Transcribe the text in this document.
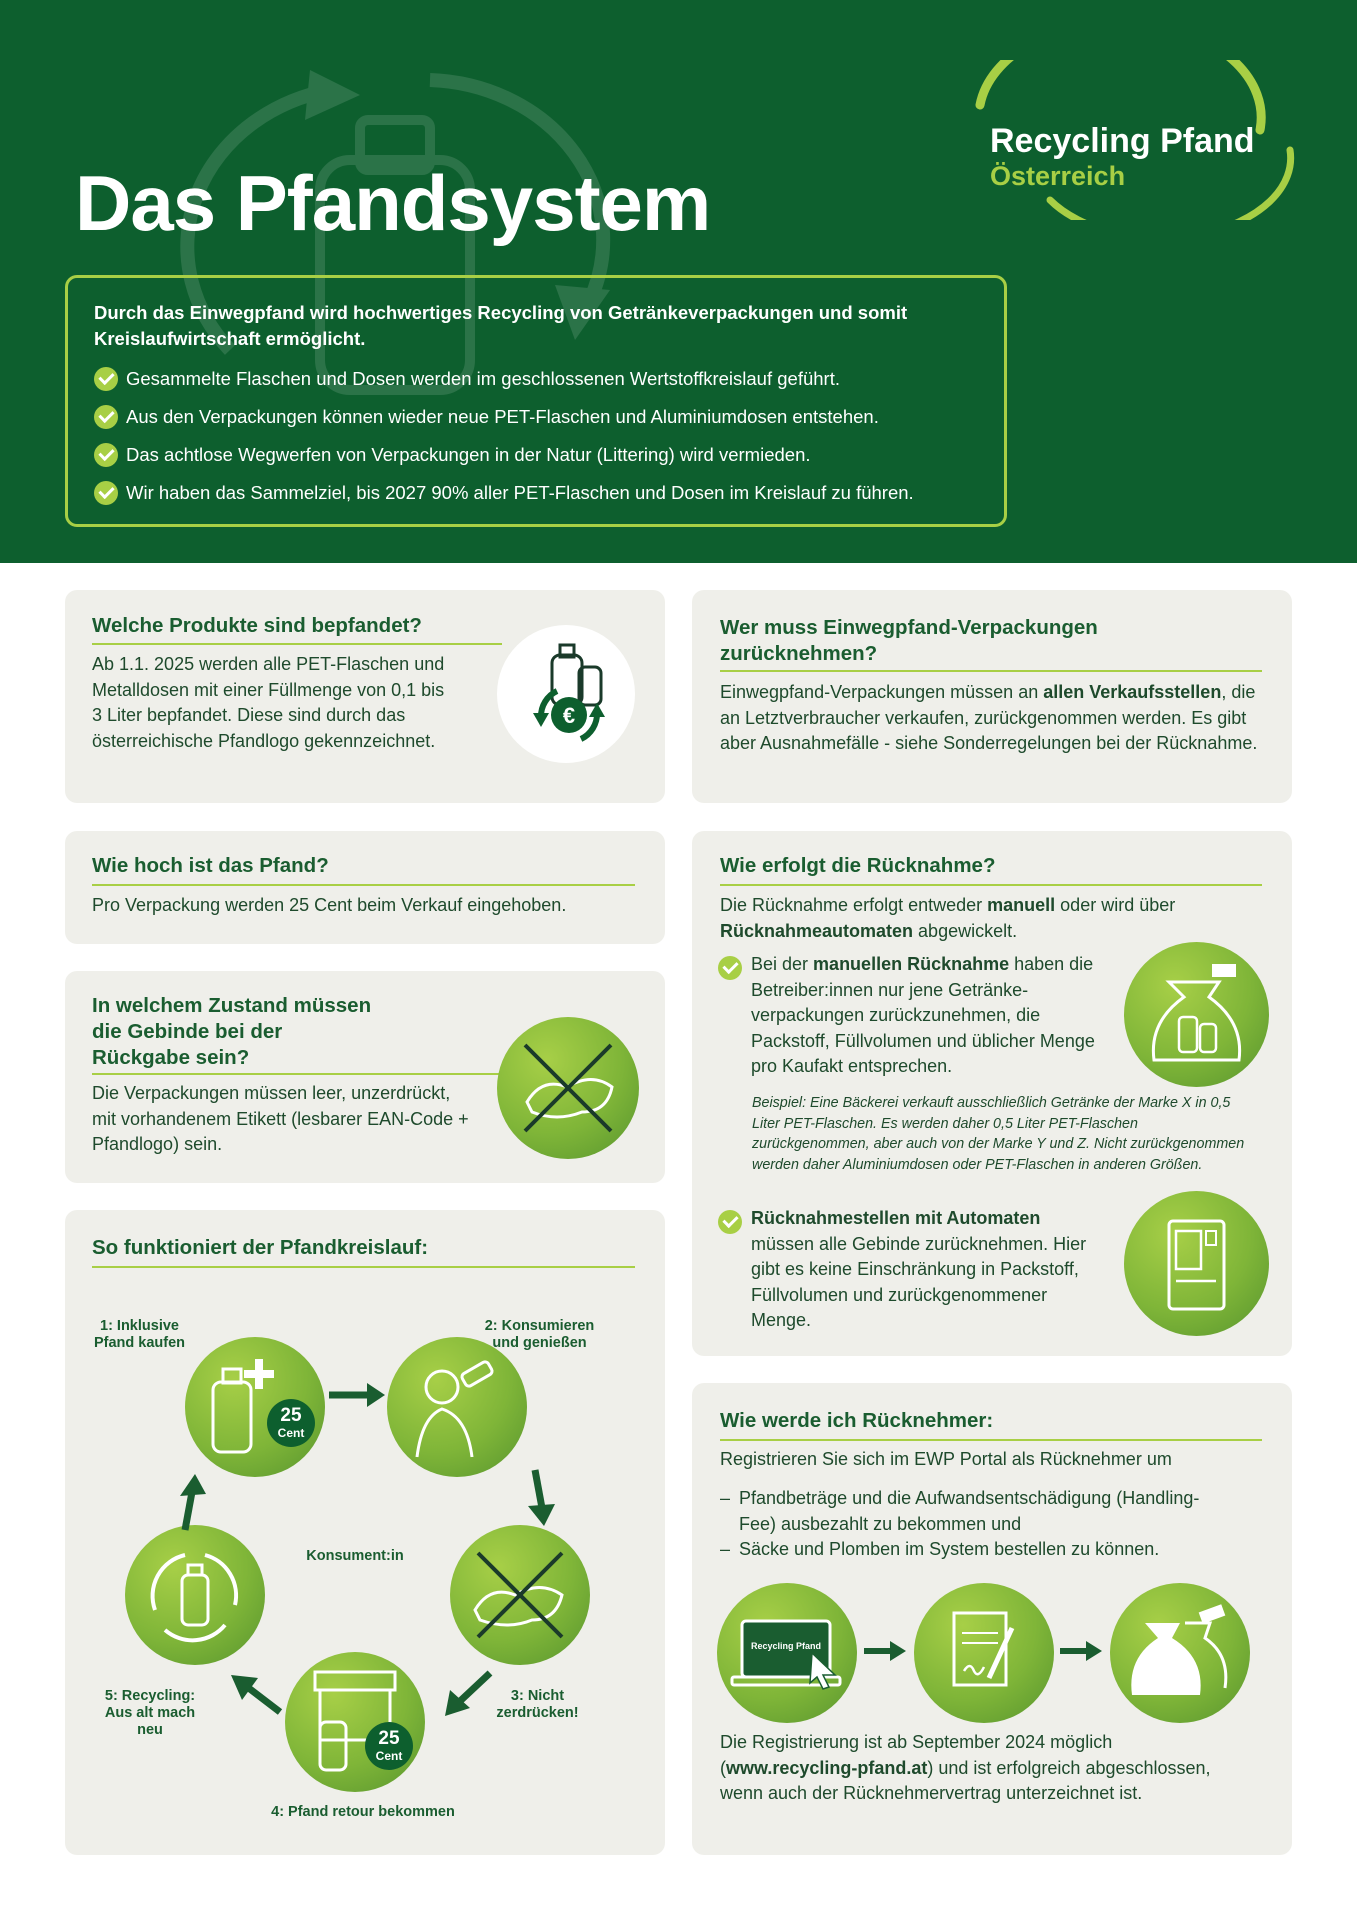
Das Pfandsystem
Recycling Pfand
Österreich
Durch das Einwegpfand wird hochwertiges Recycling von Getränkeverpackungen und somit Kreislaufwirtschaft ermöglicht.
Gesammelte Flaschen und Dosen werden im geschlossenen Wertstoffkreislauf geführt.
Aus den Verpackungen können wieder neue PET-Flaschen und Aluminiumdosen entstehen.
Das achtlose Wegwerfen von Verpackungen in der Natur (Littering) wird vermieden.
Wir haben das Sammelziel, bis 2027 90% aller PET-Flaschen und Dosen im Kreislauf zu führen.
Welche Produkte sind bepfandet?

Ab 1.1. 2025 werden alle PET-Flaschen und Metalldosen mit einer Füllmenge von 0,1 bis 3 Liter bepfandet. Diese sind durch das österreichische Pfandlogo gekennzeichnet.

€
Wer muss Einwegpfand-Verpackungen zurücknehmen?

Einwegpfand-Verpackungen müssen an allen Verkaufsstellen, die an Letztverbraucher verkaufen, zurückgenommen werden. Es gibt aber Ausnahmefälle - siehe Sonderregelungen bei der Rücknahme.

Wie hoch ist das Pfand?

Pro Verpackung werden 25 Cent beim Verkauf eingehoben.

In welchem Zustand müssen die Gebinde bei der Rückgabe sein?

Die Verpackungen müssen leer, unzerdrückt, mit vorhandenem Etikett (lesbarer EAN-Code + Pfandlogo) sein.

Wie erfolgt die Rücknahme?

Die Rücknahme erfolgt entweder manuell oder wird über Rücknahmeautomaten abgewickelt.

Bei der manuellen Rücknahme haben die Betreiber:innen nur jene Getränke-verpackungen zurückzunehmen, die Packstoff, Füllvolumen und üblicher Menge pro Kaufakt entsprechen.

Beispiel: Eine Bäckerei verkauft ausschließlich Getränke der Marke X in 0,5 Liter PET-Flaschen. Es werden daher 0,5 Liter PET-Flaschen zurückgenommen, aber auch von der Marke Y und Z. Nicht zurückgenommen werden daher Aluminiumdosen oder PET-Flaschen in anderen Größen.

Rücknahmestellen mit Automaten müssen alle Gebinde zurücknehmen. Hier gibt es keine Einschränkung in Packstoff, Füllvolumen und zurückgenommener Menge.

So funktioniert der Pfandkreislauf:
1: Inklusive Pfand kaufen
2: Konsumieren und genießen
Konsument:in
3: Nicht zerdrücken!
4: Pfand retour bekommen
5: Recycling: Aus alt mach neu
25
Cent
25
Cent
Wie werde ich Rücknehmer:

Registrieren Sie sich im EWP Portal als Rücknehmer um

– Pfandbeträge und die Aufwandsentschädigung (Handling-Fee) ausbezahlt zu bekommen und

– Säcke und Plomben im System bestellen zu können.

Recycling Pfand

Die Registrierung ist ab September 2024 möglich (www.recycling-pfand.at) und ist erfolgreich abgeschlossen, wenn auch der Rücknehmervertrag unterzeichnet ist.
